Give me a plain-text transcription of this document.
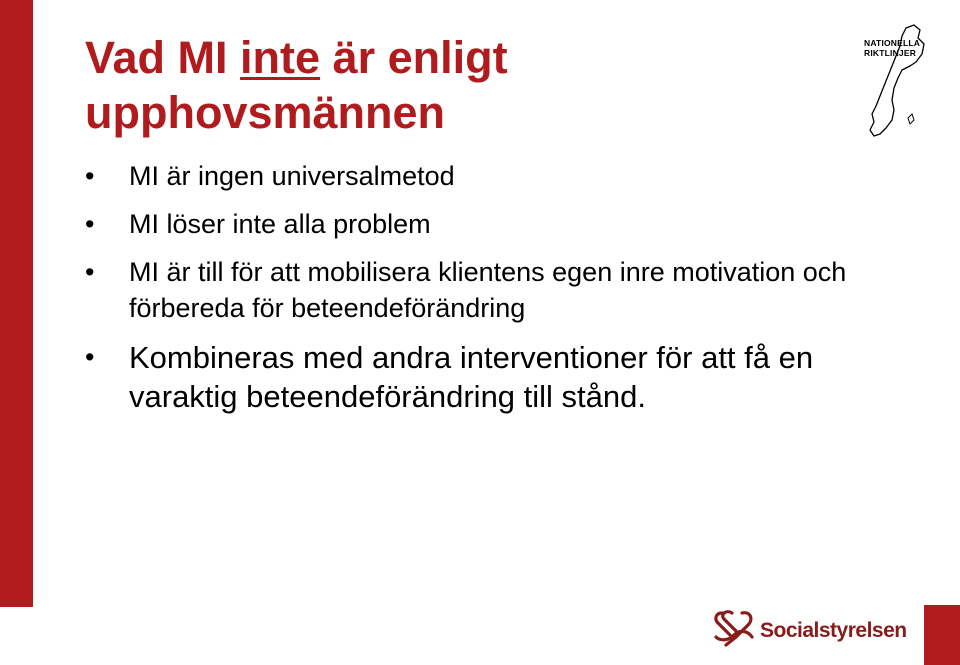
Vad MI inte är enligt
upphovsmännen
• MI är ingen universalmetod
• MI löser inte alla problem
• MI är till för att mobilisera klientens egen inre motivation och förbereda för beteendeförändring
• Kombineras med andra interventioner för att få en varaktig beteendeförändring till stånd.
NATIONELLA
RIKTLINJER
Socialstyrelsen
